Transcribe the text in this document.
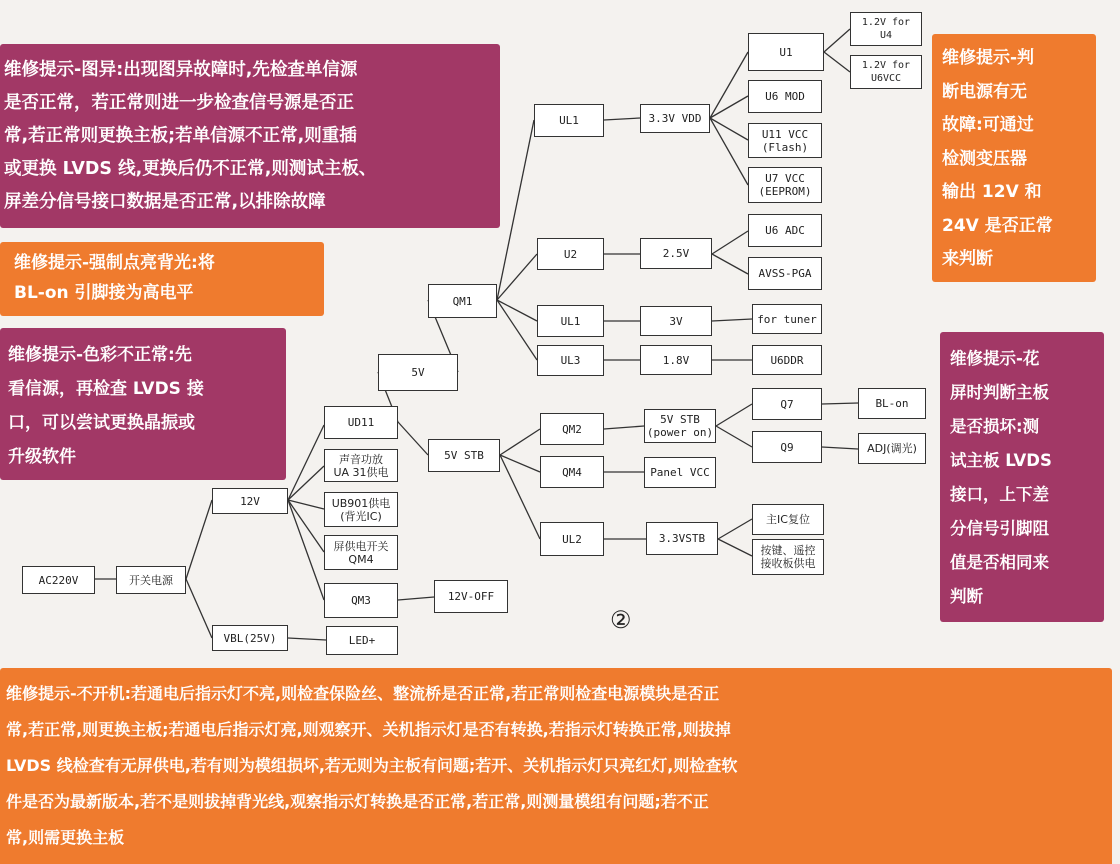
AC220V	开关电源
12V
VBL(25V)
UD11
声音功放
UA 31供电
UB901供电
(背光IC)
屏供电开关
QM4
QM3	12V-OFF
LED+
5V
5V STB
QM1
UL1	3.3V VDD
U1
1.2V for
U4
1.2V for
U6VCC
U6 MOD
U11 VCC
(Flash)
U7 VCC
(EEPROM)
U2	2.5V
U6 ADC
AVSS-PGA
UL1	3V	for tuner
UL3	1.8V	U6DDR
QM2
5V STB
(power on)
Q7	BL-on
Q9	ADJ(调光)
QM4	Panel VCC
UL2	3.3VSTB
主IC复位
按键、遥控
接收板供电
②
维修提示-图异:出现图异故障时,先检查单信源
是否正常，若正常则进一步检查信号源是否正
常,若正常则更换主板;若单信源不正常,则重插
或更换 LVDS 线,更换后仍不正常,则测试主板、
屏差分信号接口数据是否正常,以排除故障
维修提示-强制点亮背光:将
BL-on 引脚接为高电平
维修提示-色彩不正常:先
看信源，再检查 LVDS 接
口，可以尝试更换晶振或
升级软件
维修提示-判
断电源有无
故障:可通过
检测变压器
输出 12V 和
24V 是否正常
来判断
维修提示-花
屏时判断主板
是否损坏:测
试主板 LVDS
接口，上下差
分信号引脚阻
值是否相同来
判断
维修提示-不开机:若通电后指示灯不亮,则检查保险丝、整流桥是否正常,若正常则检查电源模块是否正
常,若正常,则更换主板;若通电后指示灯亮,则观察开、关机指示灯是否有转换,若指示灯转换正常,则拔掉
LVDS 线检查有无屏供电,若有则为模组损坏,若无则为主板有问题;若开、关机指示灯只亮红灯,则检查软
件是否为最新版本,若不是则拔掉背光线,观察指示灯转换是否正常,若正常,则测量模组有问题;若不正
常,则需更换主板
